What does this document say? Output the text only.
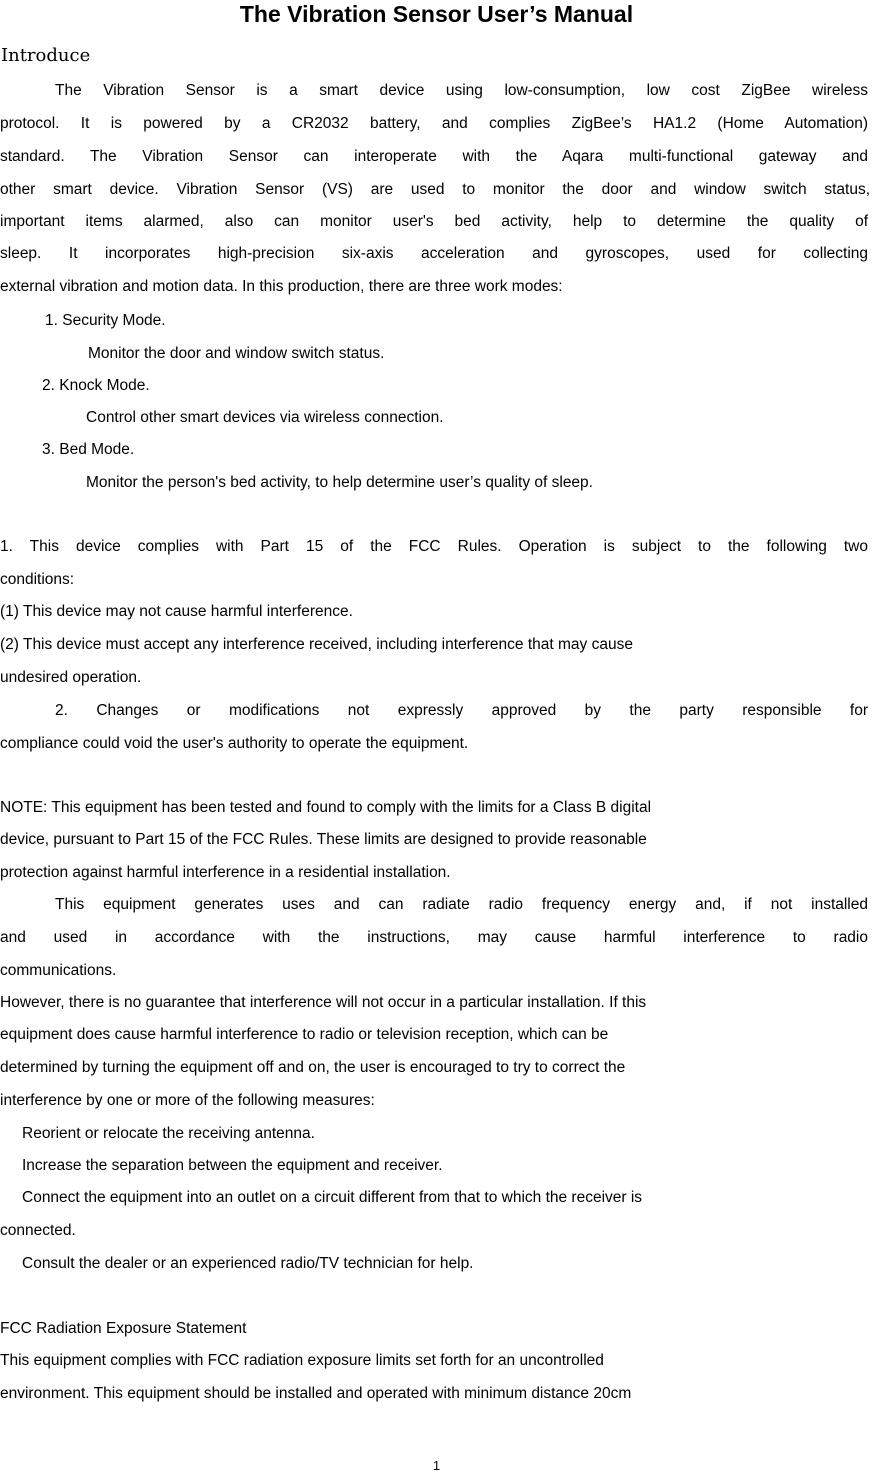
The Vibration Sensor User’s Manual
Introduce

The Vibration Sensor is a smart device using low-consumption, low cost ZigBee wireless

protocol. It is powered by a CR2032 battery, and complies ZigBee’s HA1.2 (Home Automation)

standard. The Vibration Sensor can interoperate with the Aqara multi-functional gateway and

other smart device. Vibration Sensor (VS) are used to monitor the door and window switch status,

important items alarmed, also can monitor user's bed activity, help to determine the quality of

sleep. It incorporates high-precision six-axis acceleration and gyroscopes, used for collecting

external vibration and motion data. In this production, there are three work modes:

1. Security Mode.

Monitor the door and window switch status.

2. Knock Mode.

Control other smart devices via wireless connection.

3. Bed Mode.

Monitor the person's bed activity, to help determine user’s quality of sleep.

1. This device complies with Part 15 of the FCC Rules. Operation is subject to the following two

conditions:

(1) This device may not cause harmful interference.

(2) This device must accept any interference received, including interference that may cause

undesired operation.

2. Changes or modifications not expressly approved by the party responsible for

compliance could void the user's authority to operate the equipment.

NOTE: This equipment has been tested and found to comply with the limits for a Class B digital

device, pursuant to Part 15 of the FCC Rules. These limits are designed to provide reasonable

protection against harmful interference in a residential installation.

This equipment generates uses and can radiate radio frequency energy and, if not installed

and used in accordance with the instructions, may cause harmful interference to radio

communications.

However, there is no guarantee that interference will not occur in a particular installation. If this

equipment does cause harmful interference to radio or television reception, which can be

determined by turning the equipment off and on, the user is encouraged to try to correct the

interference by one or more of the following measures:

Reorient or relocate the receiving antenna.

Increase the separation between the equipment and receiver.

Connect the equipment into an outlet on a circuit different from that to which the receiver is

connected.

Consult the dealer or an experienced radio/TV technician for help.

FCC Radiation Exposure Statement

This equipment complies with FCC radiation exposure limits set forth for an uncontrolled

environment. This equipment should be installed and operated with minimum distance 20cm

1
